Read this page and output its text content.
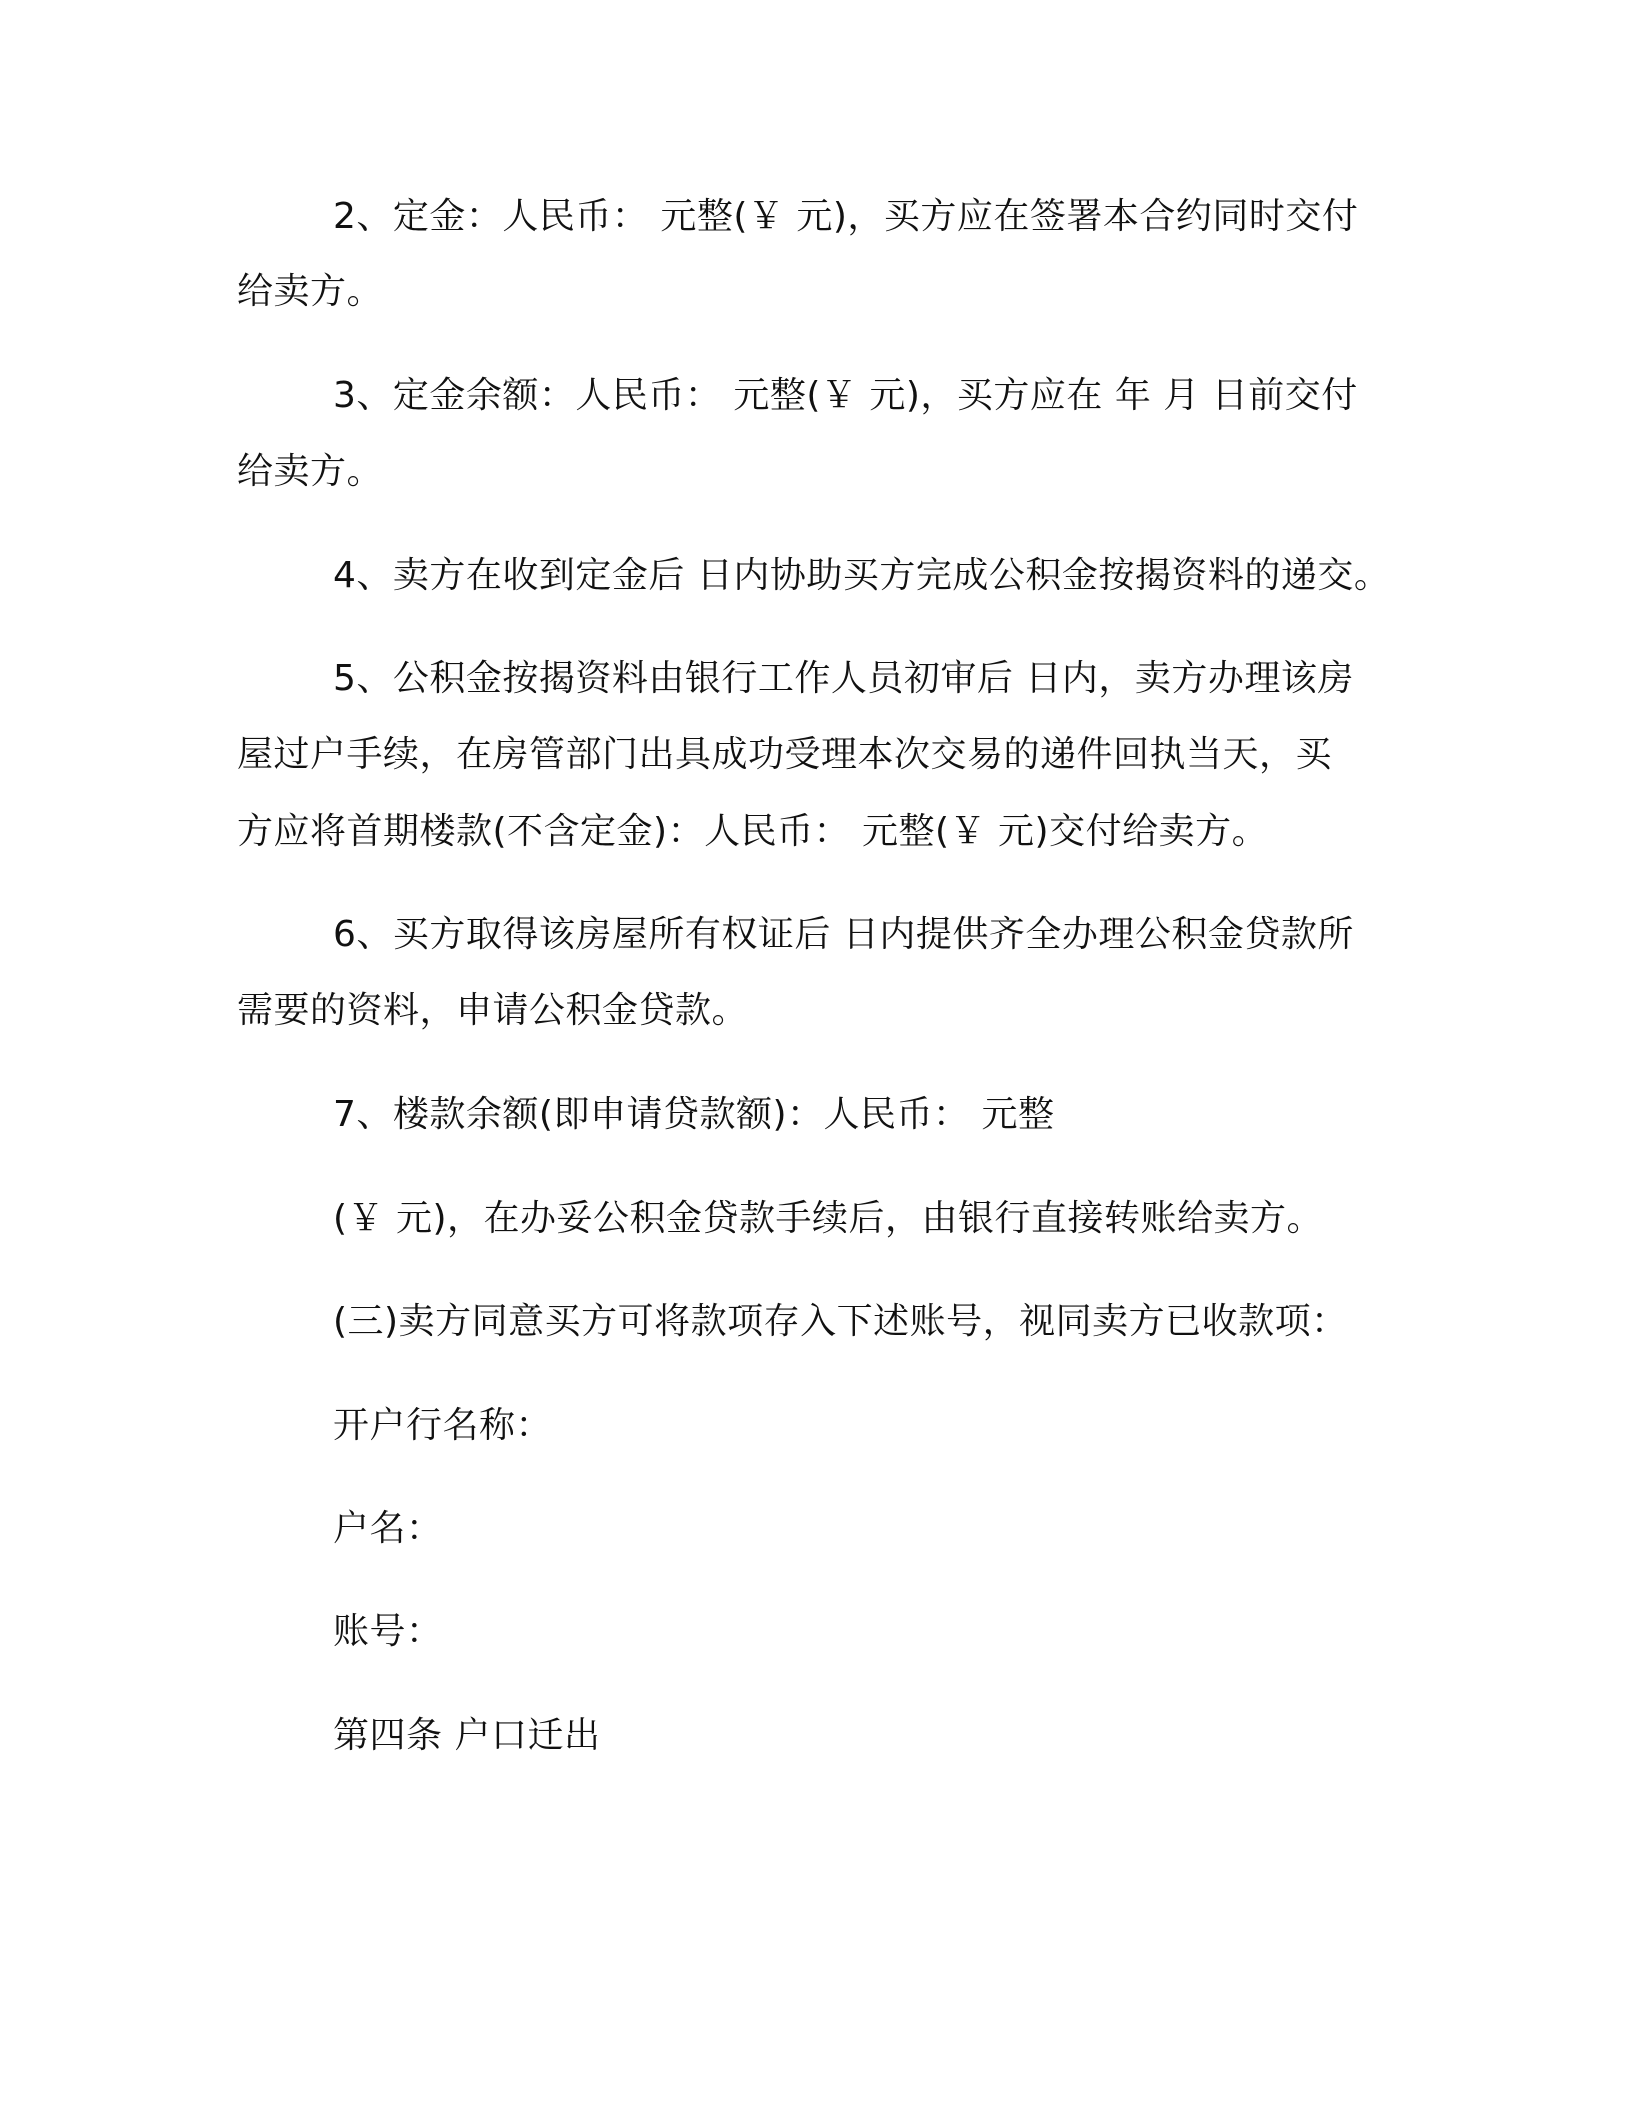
2、定金：人民币： 元整(￥ 元)，买方应在签署本合约同时交付

给卖方。

3、定金余额：人民币： 元整(￥ 元)，买方应在 年 月 日前交付

给卖方。

4、卖方在收到定金后 日内协助买方完成公积金按揭资料的递交。

5、公积金按揭资料由银行工作人员初审后 日内，卖方办理该房

屋过户手续，在房管部门出具成功受理本次交易的递件回执当天，买

方应将首期楼款(不含定金)：人民币： 元整(￥ 元)交付给卖方。

6、买方取得该房屋所有权证后 日内提供齐全办理公积金贷款所

需要的资料，申请公积金贷款。

7、楼款余额(即申请贷款额)：人民币： 元整

(￥ 元)，在办妥公积金贷款手续后，由银行直接转账给卖方。

(三)卖方同意买方可将款项存入下述账号，视同卖方已收款项：

开户行名称：

户名：

账号：

第四条 户口迁出
